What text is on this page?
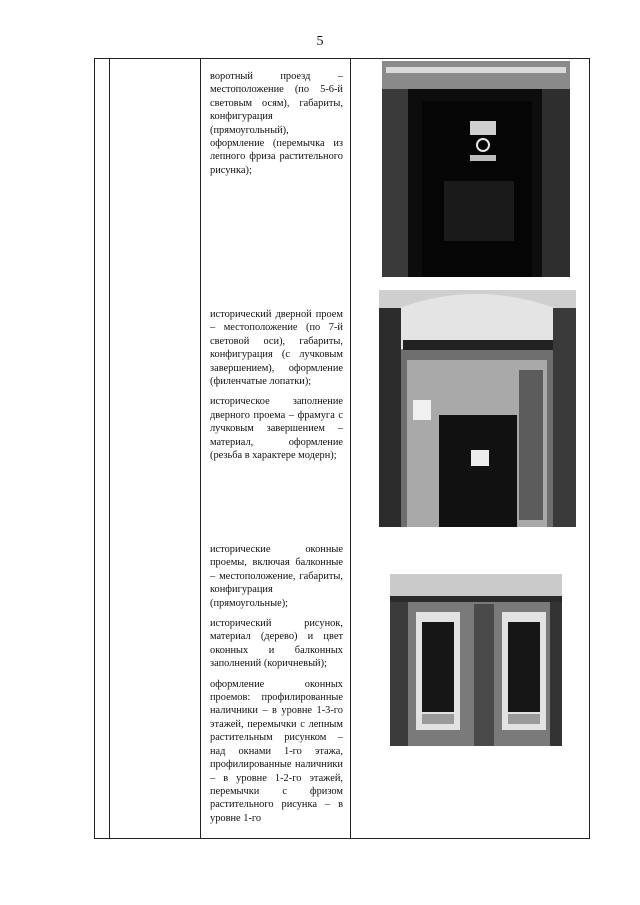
5

воротный проезд – местоположение (по 5-6-й световым осям), габариты, конфигурация (прямоугольный), оформление (перемычка из лепного фриза растительного рисунка);

исторический дверной проем – местоположение (по 7-й световой оси), габариты, конфигурация (с лучковым завершением), оформление (филенчатые лопатки);

историческое заполнение дверного проема – фрамуга с лучковым завершением – материал, оформление (резьба в характере модерн);

исторические оконные проемы, включая балконные – местоположение, габариты, конфигурация (прямоугольные);

исторический рисунок, материал (дерево) и цвет оконных и балконных заполнений (коричневый);

оформление оконных проемов: профилированные наличники – в уровне 1-3-го этажей, перемычки с лепным растительным рисунком – над окнами 1-го этажа, профилированные наличники – в уровне 1-2-го этажей, перемычки с фризом растительного рисунка – в уровне 1-го
